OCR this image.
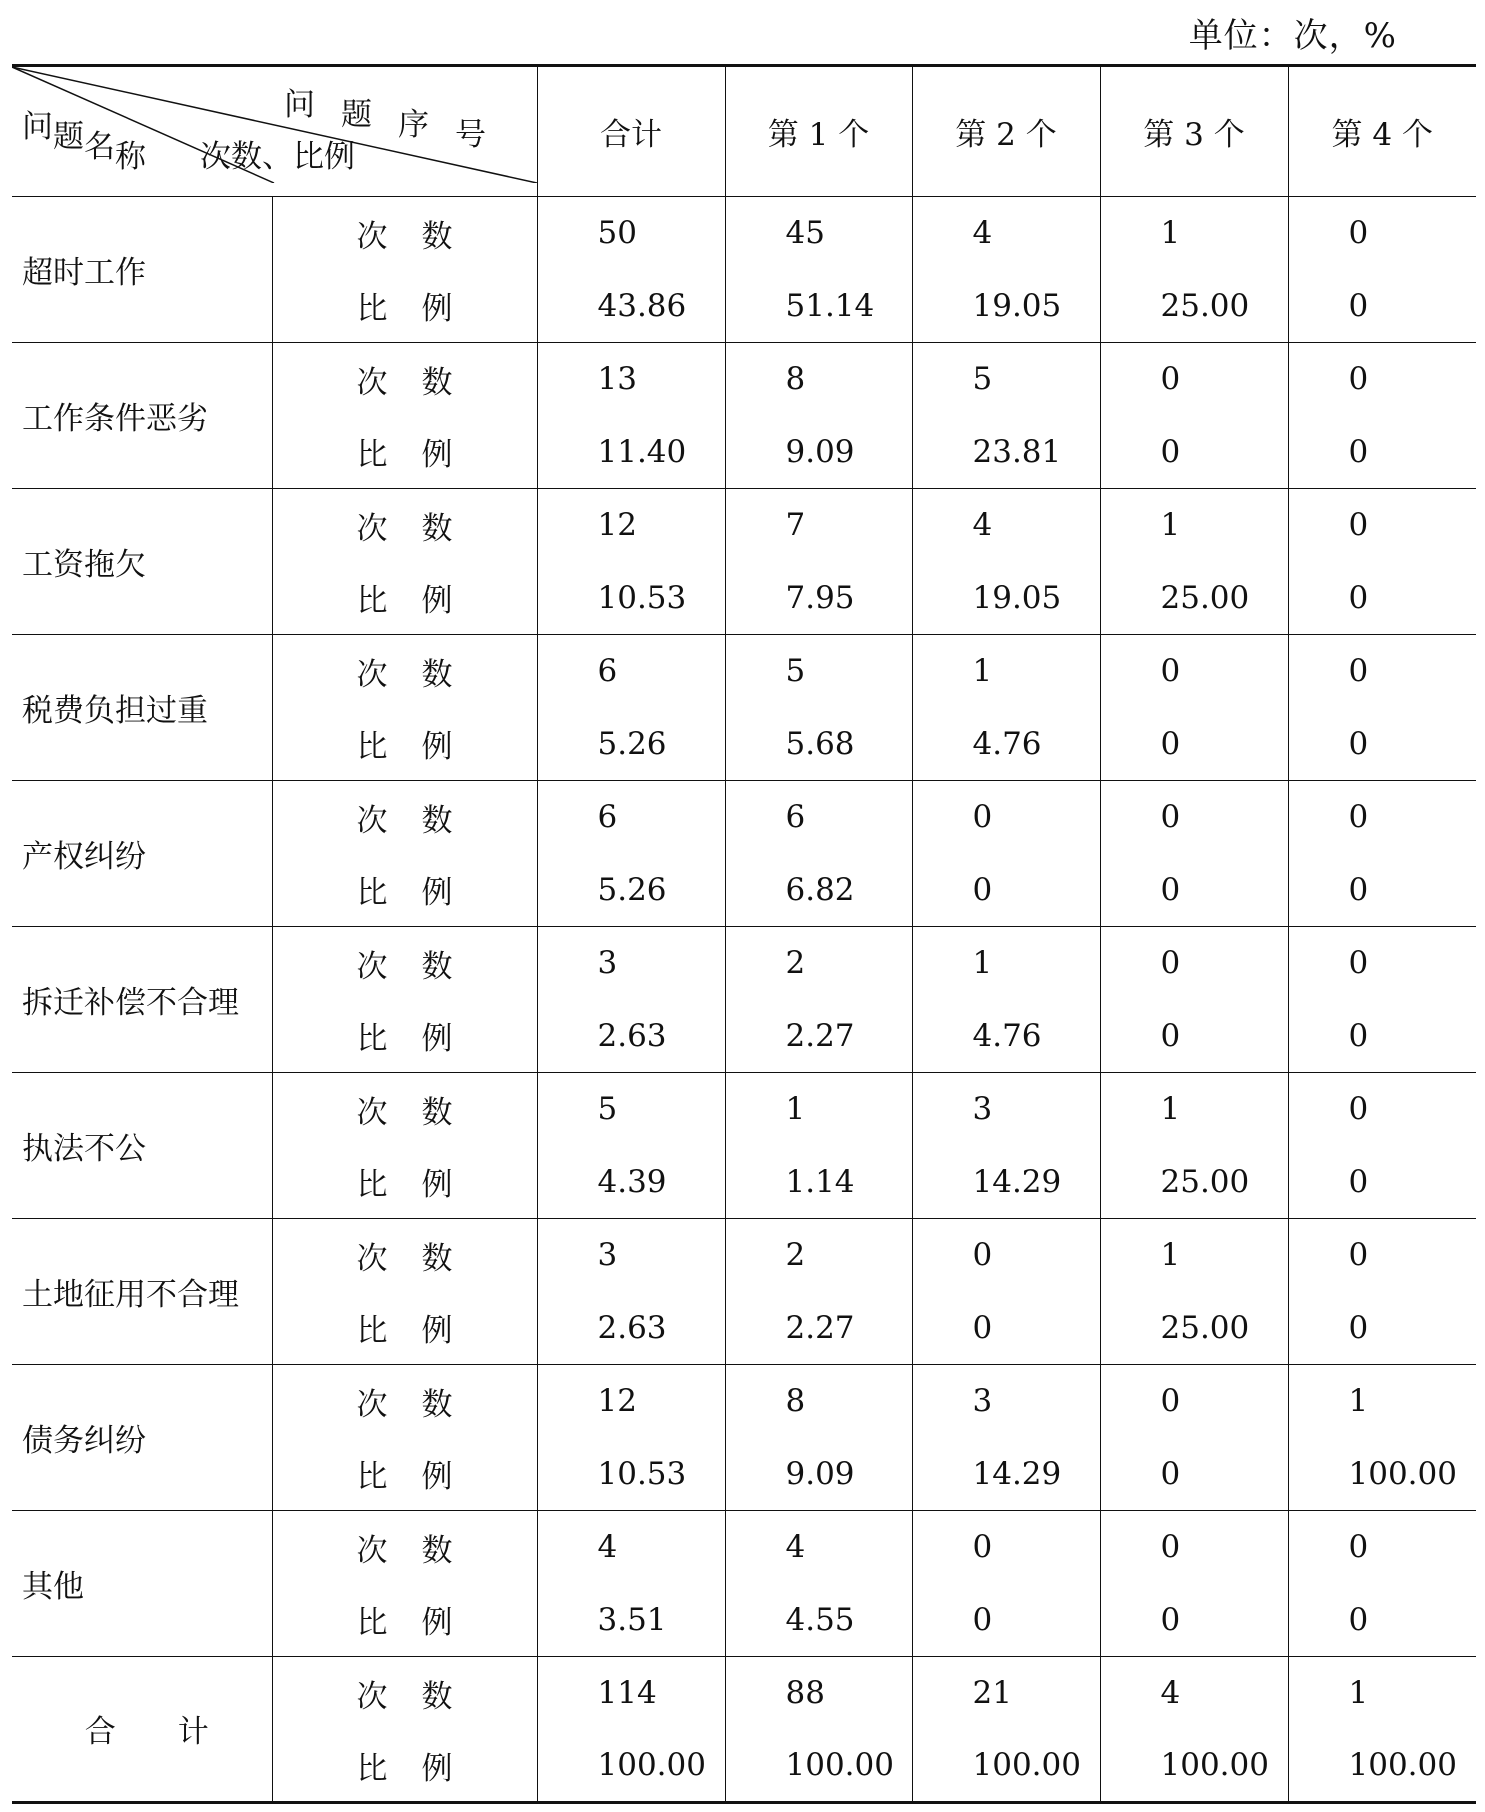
单位：次，%
问 题 序 号
次数、比例
问题名称		合计	第 1 个	第 2 个	第 3 个	第 4 个
超时工作	次数	50	45	4	1	0
	比例	43.86	51.14	19.05	25.00	0
工作条件恶劣	次数	13	8	5	0	0
	比例	11.40	9.09	23.81	0	0
工资拖欠	次数	12	7	4	1	0
	比例	10.53	7.95	19.05	25.00	0
税费负担过重	次数	6	5	1	0	0
	比例	5.26	5.68	4.76	0	0
产权纠纷	次数	6	6	0	0	0
	比例	5.26	6.82	0	0	0
拆迁补偿不合理	次数	3	2	1	0	0
	比例	2.63	2.27	4.76	0	0
执法不公	次数	5	1	3	1	0
	比例	4.39	1.14	14.29	25.00	0
土地征用不合理	次数	3	2	0	1	0
	比例	2.63	2.27	0	25.00	0
债务纠纷	次数	12	8	3	0	1
	比例	10.53	9.09	14.29	0	100.00
其他	次数	4	4	0	0	0
	比例	3.51	4.55	0	0	0
合　　计	次数	114	88	21	4	1
	比例	100.00	100.00	100.00	100.00	100.00
